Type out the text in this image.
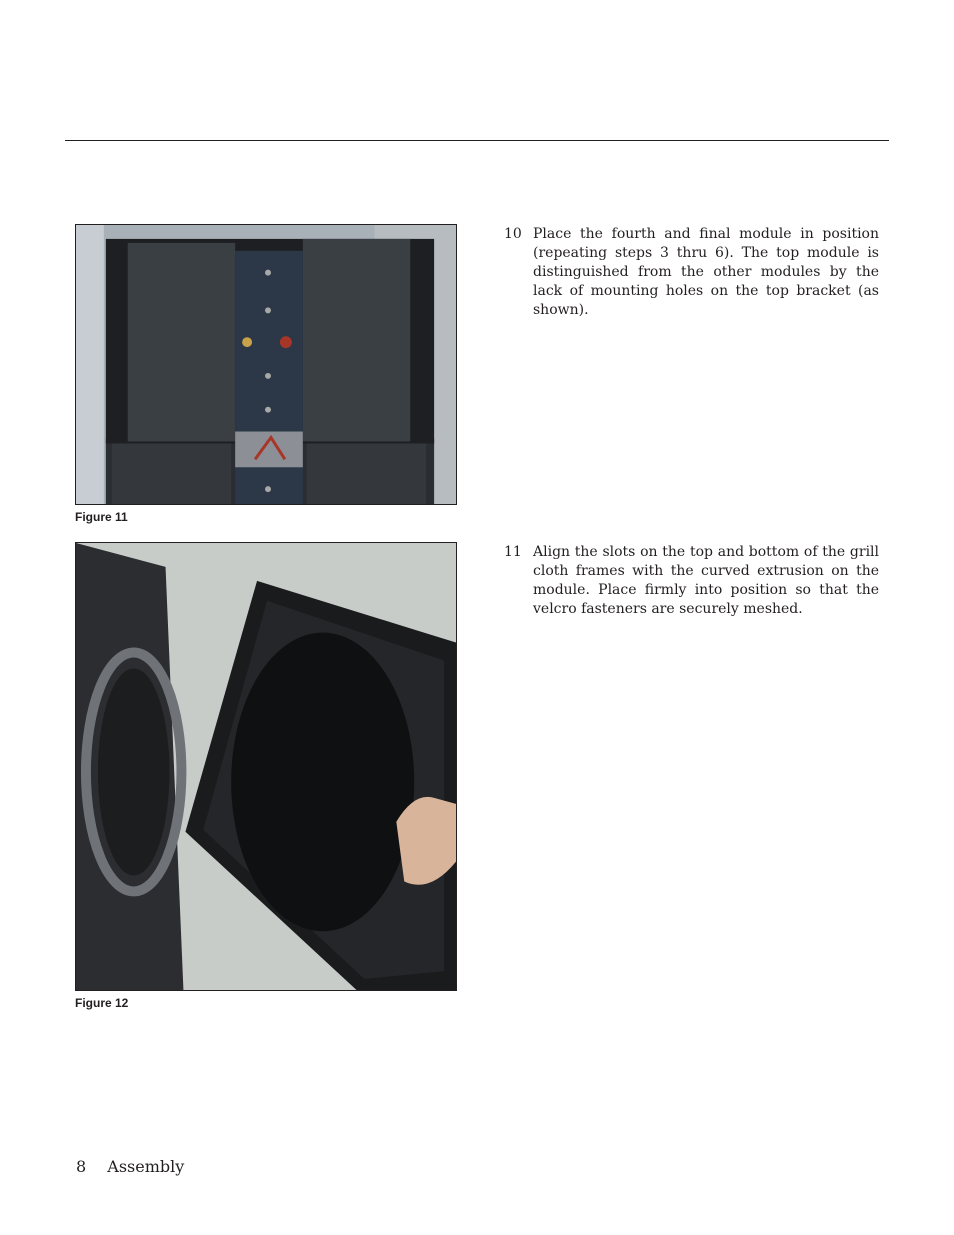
Figure 11
Figure 12
10 Place the fourth and final module in position (repeating steps 3 thru 6). The top module is distinguished from the other modules by the lack of mounting holes on the top bracket (as shown).
11 Align the slots on the top and bottom of the grill cloth frames with the curved extrusion on the module. Place firmly into position so that the velcro fasteners are securely meshed.
8 Assembly
